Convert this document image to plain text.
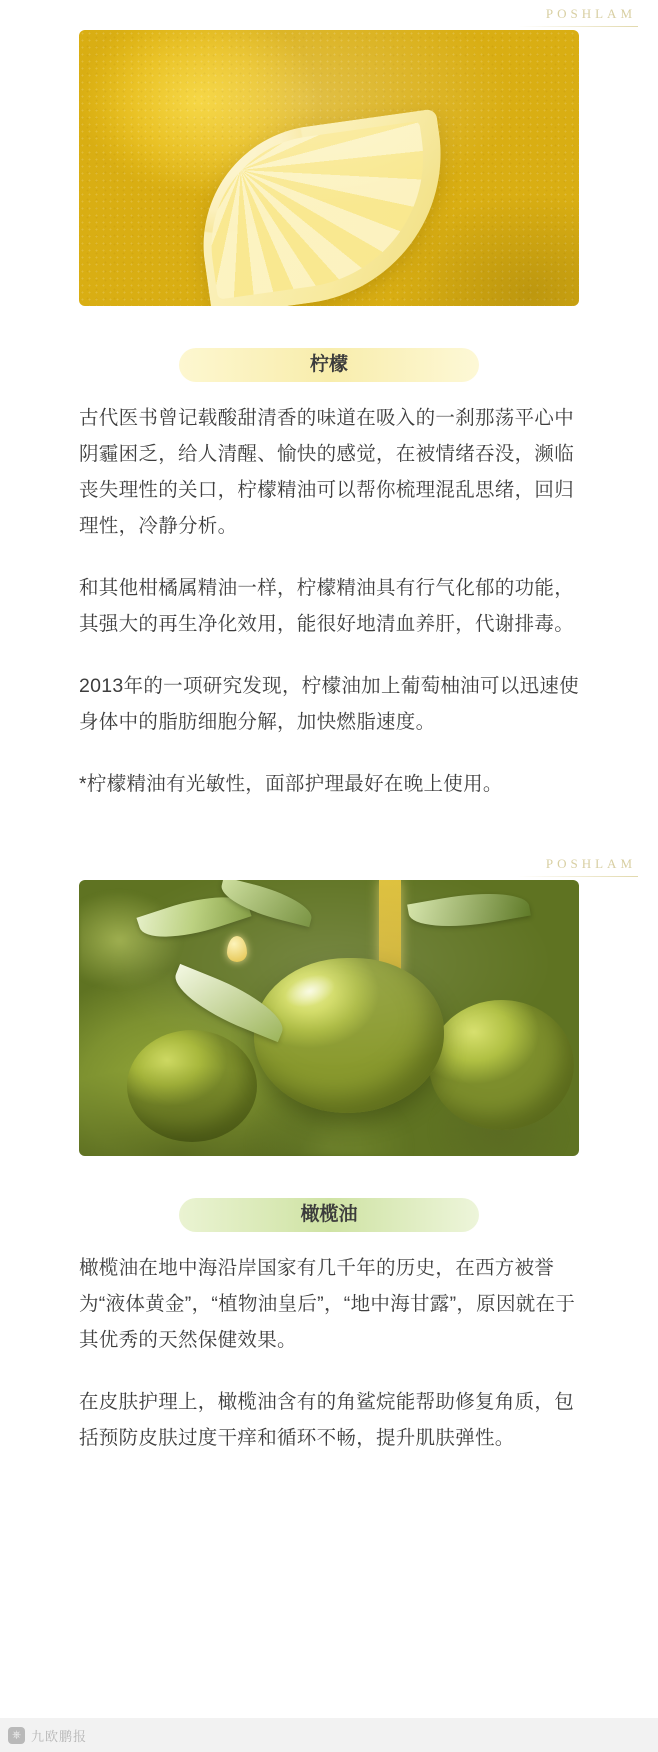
POSHLAM
柠檬

古代医书曾记载酸甜清香的味道在吸入的一刹那荡平心中阴霾困乏，给人清醒、愉快的感觉，在被情绪吞没，濒临丧失理性的关口，柠檬精油可以帮你梳理混乱思绪，回归理性，冷静分析。

和其他柑橘属精油一样，柠檬精油具有行气化郁的功能，其强大的再生净化效用，能很好地清血养肝，代谢排毒。

2013年的一项研究发现，柠檬油加上葡萄柚油可以迅速使身体中的脂肪细胞分解，加快燃脂速度。

*柠檬精油有光敏性，面部护理最好在晚上使用。

POSHLAM
橄榄油

橄榄油在地中海沿岸国家有几千年的历史，在西方被誉为“液体黄金”，“植物油皇后”，“地中海甘露”，原因就在于其优秀的天然保健效果。

在皮肤护理上，橄榄油含有的角鲨烷能帮助修复角质，包括预防皮肤过度干痒和循环不畅，提升肌肤弹性。

⎈ 九欧鹏报
